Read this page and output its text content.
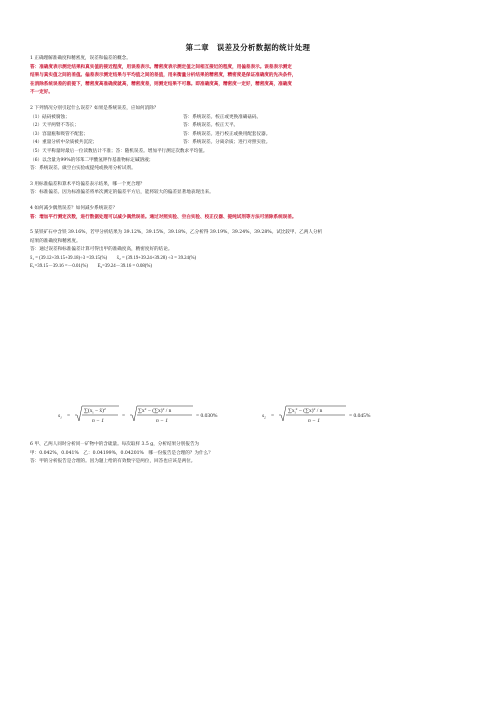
第二章　误差及分析数据的统计处理

1 正确理解准确度和精密度，误差和偏差的概念。

答：准确度表示测定结果和真实值的接近程度，用误差表示。精密度表示测定值之间相互接近的程度，用偏差表示。误差表示测定

结果与真实值之间的差值。偏差表示测定结果与平均值之间的差值，用来衡量分析结果的精密度，精密度是保证准确度的先决条件，

在消除系统误差的前提下，精密度高准确度就高，精密度差，则测定结果不可靠。即准确度高，精密度一定好，精密度高，准确度

不一定好。

2 下列情况分别引起什么误差？如果是系统误差，应如何消除？

（1）砝码被腐蚀；	答：系统误差。校正或更换准确砝码。
（2）天平两臂不等长；	答：系统误差。校正天平。
（3）容量瓶和吸管不配套；	答：系统误差。进行校正或换用配套仪器。
（4）重量分析中杂质被共沉淀；	答：系统误差。分离杂质；进行对照实验。

（5）天平称量时最后一位读数估计不准；答：随机误差。增加平行测定次数求平均值。

（6）以含量为99%的邻苯二甲酸氢钾作基准物标定碱溶液；

答：系统误差。做空白实验或提纯或换用分析试剂。

3 用标准偏差和算术平均偏差表示结果，哪一个更合理？

答：标准偏差。因为标准偏差将单次测定的偏差平方后，能将较大的偏差显著地表现出来。

4 如何减少偶然误差？如何减少系统误差？

答：增加平行测定次数，进行数据处理可以减少偶然误差。通过对照实验、空白实验、校正仪器、提纯试剂等方法可消除系统误差。

5 某铁矿石中含铁 39.16%，若甲分析结果为 39.12%，39.15%，39.18%，乙分析得 39.19%，39.24%，39.28%。试比较甲、乙两人分析

结果的准确度和精密度。

答：通过误差和标准偏差计算可得出甲的准确度高，精密度好的结论。

x̄₁ = (39.12+39.15+39.18)÷3 =39.15(%)　　x̄₂ = (39.19+39.24+39.28) ÷3 = 39.24(%)

E₁=39.15－39.16 =－0.01(%)　　E₂=39.24－39.16 = 0.08(%)

$s_1$ =
$\sum(x_i$ − x̄)$^2$
n − 1
=
$\sum x^2 - (\sum x)^2 / n$
n − 1
= 0.030%	$s_2$ =
$\sum x_i^2 - (\sum x)^2 / n$
n − 1
= 0.045%

6 甲、乙两人同时分析同一矿物中的含硫量。每次取样 3.5 g，分析结果分别报告为

甲：0.042%，0.041%　乙：0.04199%，0.04201%　哪一份报告是合理的？为什么？

答：甲的分析报告是合理的。因为题上给的有效数字是两位，回答也应该是两位。
